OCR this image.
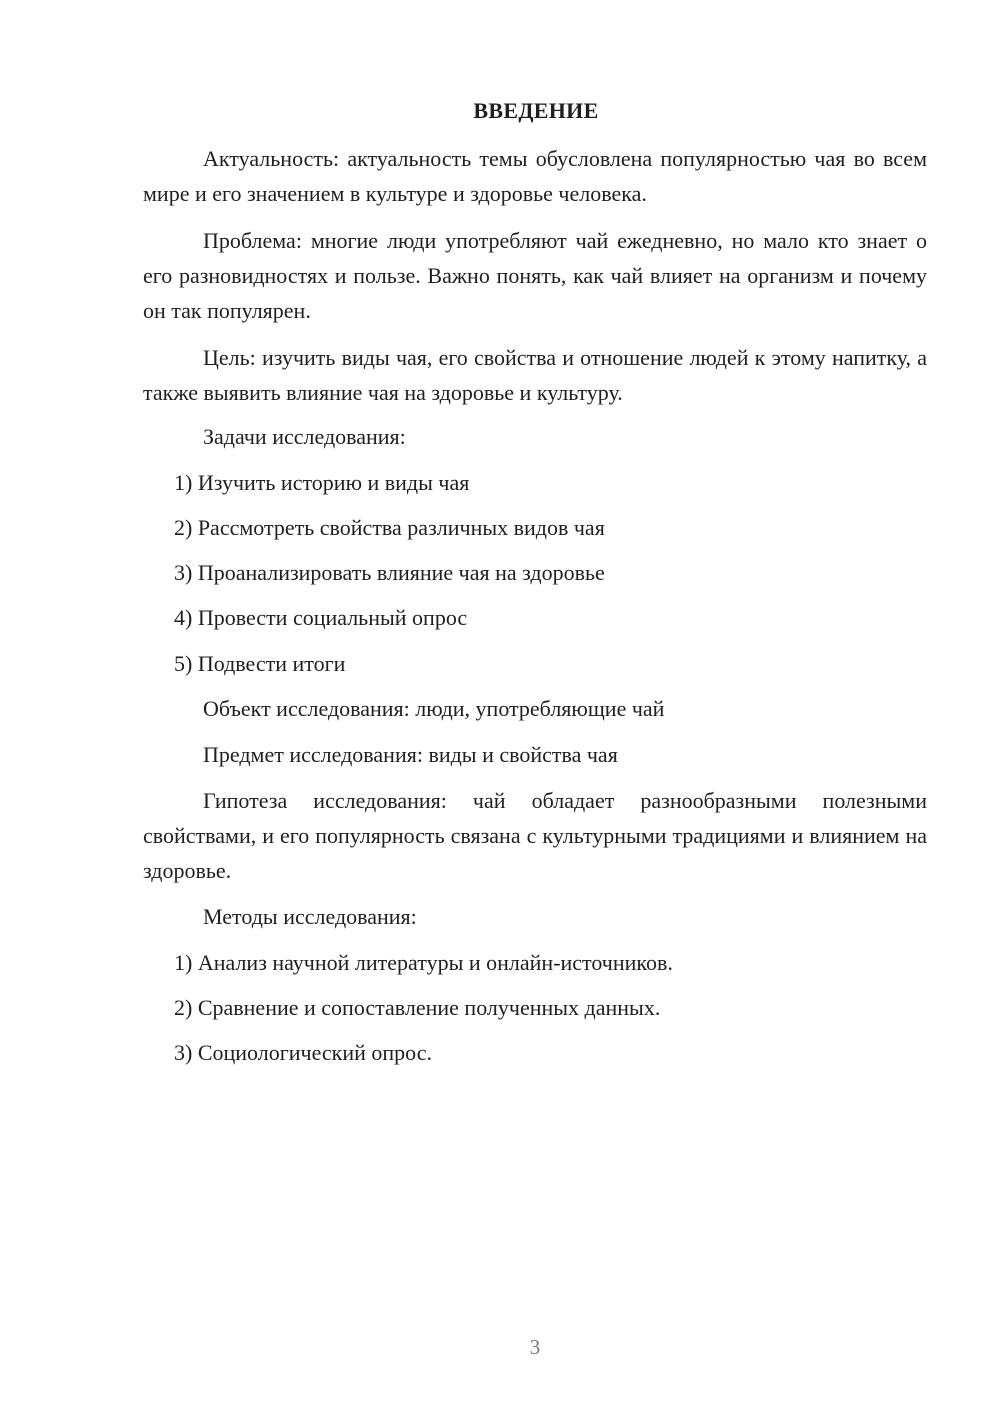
ВВЕДЕНИЕ

Актуальность: актуальность темы обусловлена популярностью чая во всем мире и его значением в культуре и здоровье человека.

Проблема: многие люди употребляют чай ежедневно, но мало кто знает о его разновидностях и пользе. Важно понять, как чай влияет на организм и почему он так популярен.

Цель: изучить виды чая, его свойства и отношение людей к этому напитку, а также выявить влияние чая на здоровье и культуру.

Задачи исследования:

1) Изучить историю и виды чая

2) Рассмотреть свойства различных видов чая

3) Проанализировать влияние чая на здоровье

4) Провести социальный опрос

5) Подвести итоги

Объект исследования: люди, употребляющие чай

Предмет исследования: виды и свойства чая

Гипотеза исследования: чай обладает разнообразными полезными свойствами, и его популярность связана с культурными традициями и влиянием на здоровье.

Методы исследования:

1) Анализ научной литературы и онлайн-источников.

2) Сравнение и сопоставление полученных данных.

3) Социологический опрос.

3
